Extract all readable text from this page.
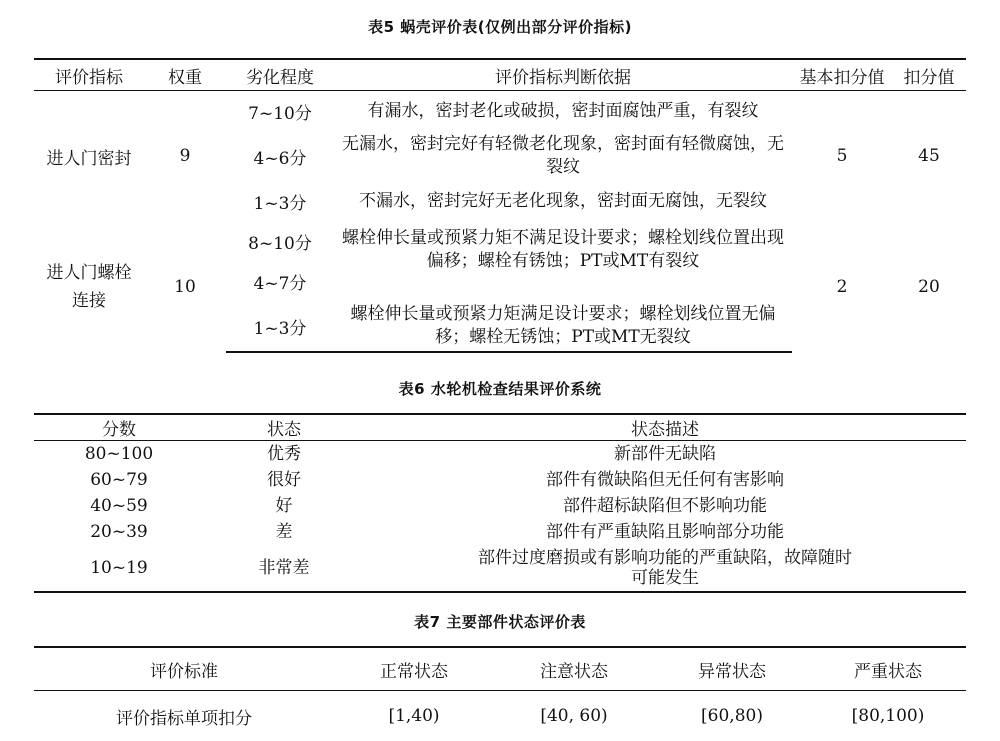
表5 蜗壳评价表(仅例出部分评价指标)
评价指标	权重	劣化程度	评价指标判断依据	基本扣分值	扣分值
进人门密封	9	7~10分	有漏水，密封老化或破损，密封面腐蚀严重，有裂纹	5	45
		4~6分	无漏水，密封完好有轻微老化现象，密封面有轻微腐蚀，无裂纹		
		1~3分	不漏水，密封完好无老化现象，密封面无腐蚀，无裂纹		
进人门螺栓连接	10	8~10分	螺栓伸长量或预紧力矩不满足设计要求；螺栓划线位置出现偏移；螺栓有锈蚀；PT或MT有裂纹	2	20
		4~7分			
		1~3分	螺栓伸长量或预紧力矩满足设计要求；螺栓划线位置无偏移；螺栓无锈蚀；PT或MT无裂纹		
表6 水轮机检查结果评价系统
分数	状态	状态描述
80~100	优秀	新部件无缺陷
60~79	很好	部件有微缺陷但无任何有害影响
40~59	好	部件超标缺陷但不影响功能
20~39	差	部件有严重缺陷且影响部分功能
10~19	非常差	部件过度磨损或有影响功能的严重缺陷，故障随时可能发生
表7 主要部件状态评价表
评价标准	正常状态	注意状态	异常状态	严重状态
评价指标单项扣分	[1,40)	[40, 60)	[60,80)	[80,100)
